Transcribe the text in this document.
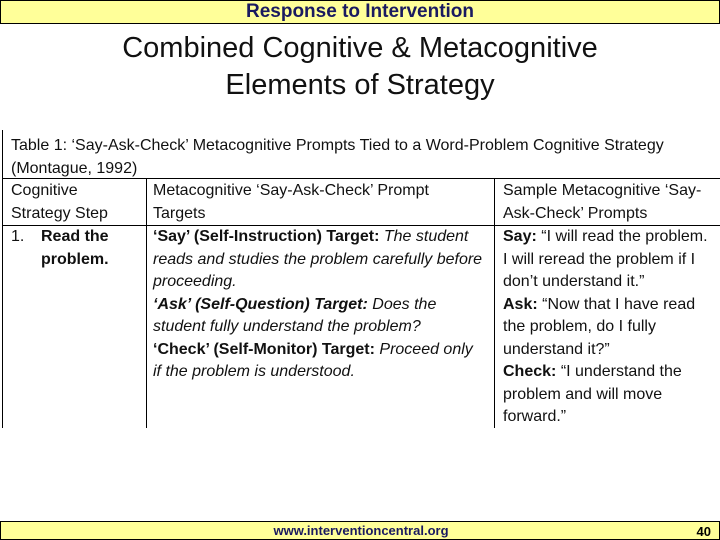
Response to Intervention
Combined Cognitive & Metacognitive
Elements of Strategy
Table 1: ‘Say-Ask-Check’ Metacognitive Prompts Tied to a Word-Problem Cognitive Strategy
(Montague, 1992)
Cognitive
Strategy Step
Metacognitive ‘Say-Ask-Check’ Prompt
Targets
Sample Metacognitive ‘Say-
Ask-Check’ Prompts
1.	Read the
problem.
‘Say’ (Self-Instruction) Target: The student
reads and studies the problem carefully before
proceeding.
‘Ask’ (Self-Question) Target: Does the
student fully understand the problem?
‘Check’ (Self-Monitor) Target: Proceed only
if the problem is understood.
Say: “I will read the problem.
I will reread the problem if I
don’t understand it.”
Ask: “Now that I have read
the problem, do I fully
understand it?”
Check: “I understand the
problem and will move
forward.”
www.interventioncentral.org	40
